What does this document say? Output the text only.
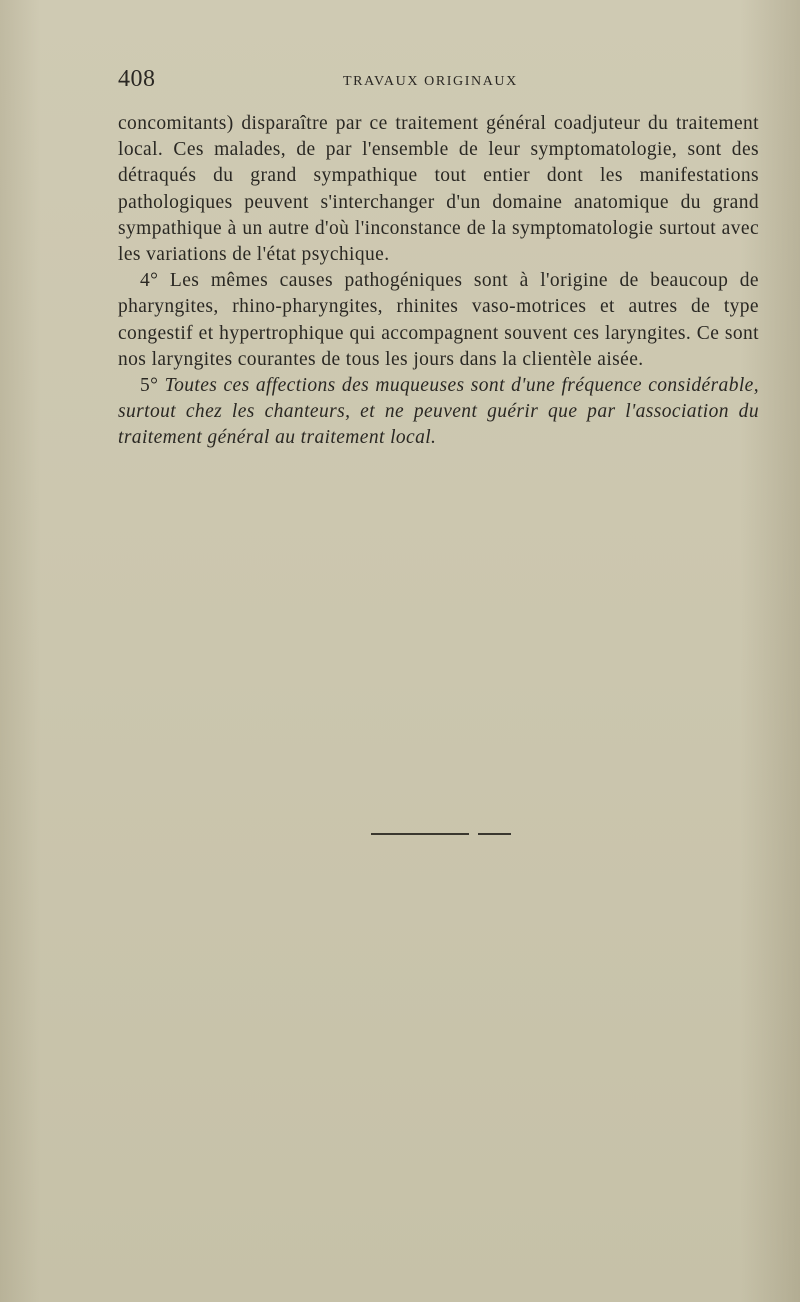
408	TRAVAUX ORIGINAUX

concomitants) disparaître par ce traitement général coadjuteur du traitement local. Ces malades, de par l'ensemble de leur symptomatologie, sont des détraqués du grand sympathique tout entier dont les manifestations pathologiques peuvent s'interchanger d'un domaine anatomique du grand sympathique à un autre d'où l'inconstance de la symptomatologie surtout avec les variations de l'état psychique.

4° Les mêmes causes pathogéniques sont à l'origine de beaucoup de pharyngites, rhino-pharyngites, rhinites vaso-motrices et autres de type congestif et hypertrophique qui accompagnent souvent ces laryngites. Ce sont nos laryngites courantes de tous les jours dans la clientèle aisée.

5° Toutes ces affections des muqueuses sont d'une fréquence considérable, surtout chez les chanteurs, et ne peuvent guérir que par l'association du traitement général au traitement local.
